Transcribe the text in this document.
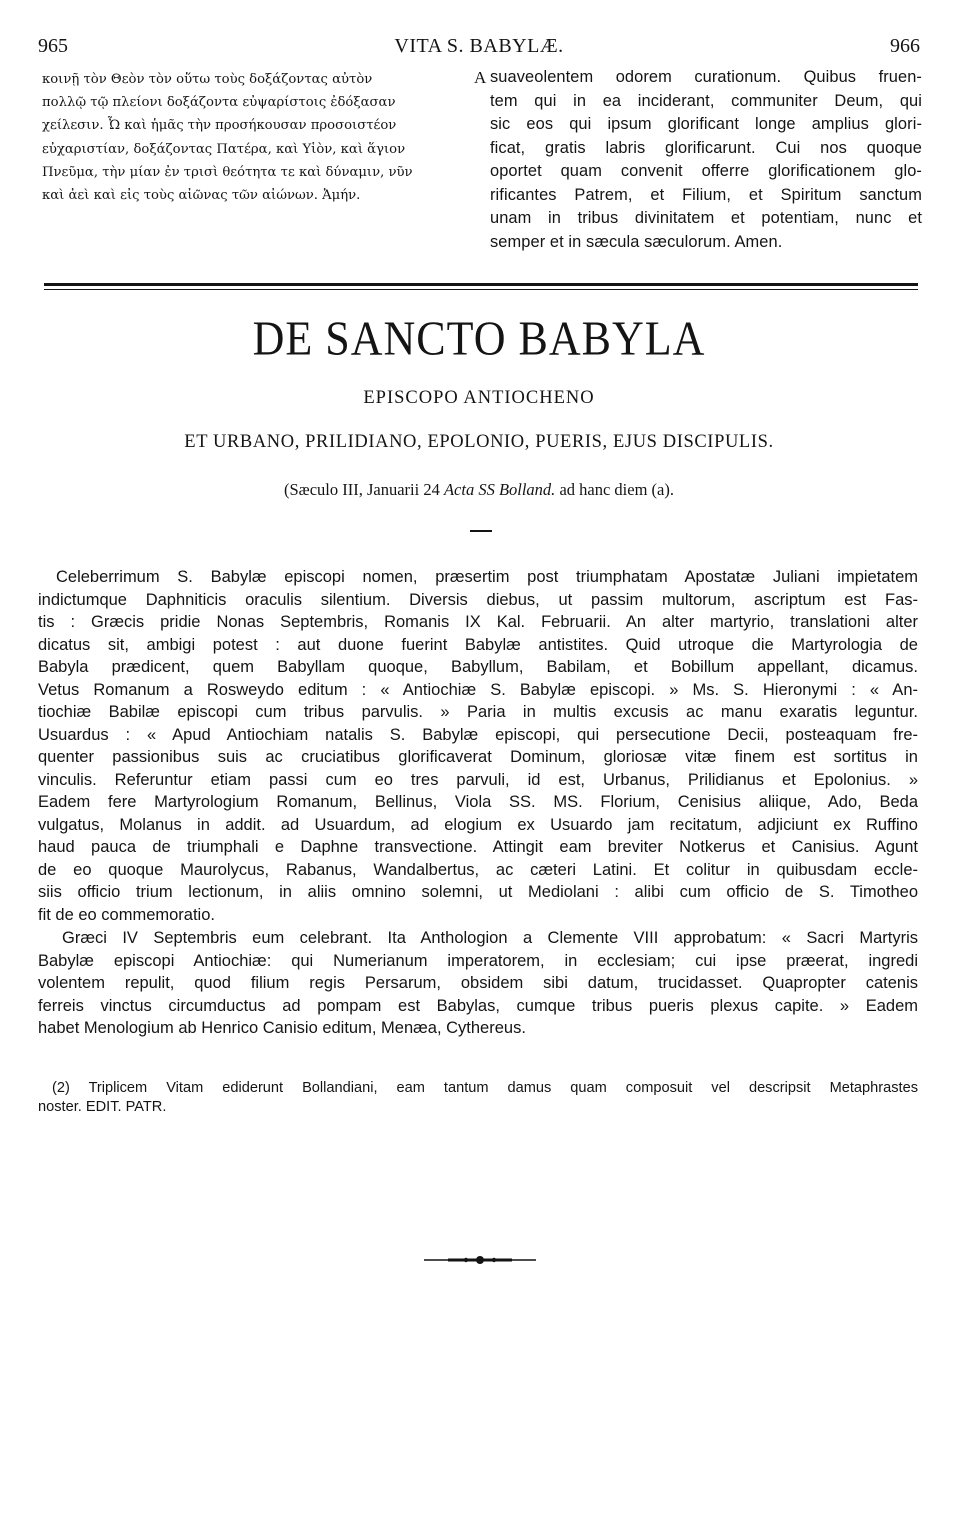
965	VITA S. BABYLÆ.	966
κοινῇ τὸν Θεὸν τὸν οὕτω τοὺς δοξάζοντας αὐτὸν
πολλῷ τῷ πλείονι δοξάζοντα εὐψαρίστοις ἐδόξασαν
χείλεσιν. Ὦ καὶ ἡμᾶς τὴν προσήκουσαν προσοιστέον
εὐχαριστίαν, δοξάζοντας Πατέρα, καὶ Υἱὸν, καὶ ἅγιον
Πνεῦμα, τὴν μίαν ἐν τρισὶ θεότητα τε καὶ δύναμιν, νῦν
καὶ ἀεὶ καὶ εἰς τοὺς αἰῶνας τῶν αἰώνων. Ἀμήν.
A suaveolentem odorem curationum. Quibus fruen-
tem qui in ea inciderant, communiter Deum, qui
sic eos qui ipsum glorificant longe amplius glori-
ficat, gratis labris glorificarunt. Cui nos quoque
oportet quam convenit offerre glorificationem glo-
rificantes Patrem, et Filium, et Spiritum sanctum
unam in tribus divinitatem et potentiam, nunc et
semper et in sæcula sæculorum. Amen.
DE SANCTO BABYLA
EPISCOPO ANTIOCHENO
ET URBANO, PRILIDIANO, EPOLONIO, PUERIS, EJUS DISCIPULIS.
(Sæculo III, Januarii 24 Acta SS Bolland. ad hanc diem (a).
Celeberrimum S. Babylæ episcopi nomen, præsertim post triumphatam Apostatæ Juliani impietatem
indictumque Daphniticis oraculis silentium. Diversis diebus, ut passim multorum, ascriptum est Fas-
tis : Græcis pridie Nonas Septembris, Romanis IX Kal. Februarii. An alter martyrio, translationi alter
dicatus sit, ambigi potest : aut duone fuerint Babylæ antistites. Quid utroque die Martyrologia de
Babyla prædicent, quem Babyllam quoque, Babyllum, Babilam, et Bobillum appellant, dicamus.
Vetus Romanum a Rosweydo editum : « Antiochiæ S. Babylæ episcopi. » Ms. S. Hieronymi : « An-
tiochiæ Babilæ episcopi cum tribus parvulis. » Paria in multis excusis ac manu exaratis leguntur.
Usuardus : « Apud Antiochiam natalis S. Babylæ episcopi, qui persecutione Decii, posteaquam fre-
quenter passionibus suis ac cruciatibus glorificaverat Dominum, gloriosæ vitæ finem est sortitus in
vinculis. Referuntur etiam passi cum eo tres parvuli, id est, Urbanus, Prilidianus et Epolonius. »
Eadem fere Martyrologium Romanum, Bellinus, Viola SS. MS. Florium, Cenisius aliique, Ado, Beda
vulgatus, Molanus in addit. ad Usuardum, ad elogium ex Usuardo jam recitatum, adjiciunt ex Ruffino
haud pauca de triumphali e Daphne transvectione. Attingit eam breviter Notkerus et Canisius. Agunt
de eo quoque Maurolycus, Rabanus, Wandalbertus, ac cæteri Latini. Et colitur in quibusdam eccle-
siis officio trium lectionum, in aliis omnino solemni, ut Mediolani : alibi cum officio de S. Timotheo
fit de eo commemoratio.
Græci IV Septembris eum celebrant. Ita Anthologion a Clemente VIII approbatum: « Sacri Martyris
Babylæ episcopi Antiochiæ: qui Numerianum imperatorem, in ecclesiam; cui ipse præerat, ingredi
volentem repulit, quod filium regis Persarum, obsidem sibi datum, trucidasset. Quapropter catenis
ferreis vinctus circumductus ad pompam est Babylas, cumque tribus pueris plexus capite. » Eadem
habet Menologium ab Henrico Canisio editum, Menæa, Cythereus.
(2) Triplicem Vitam ediderunt Bollandiani, eam tantum damus quam composuit vel descripsit Metaphrastes
noster. EDIT. PATR.
